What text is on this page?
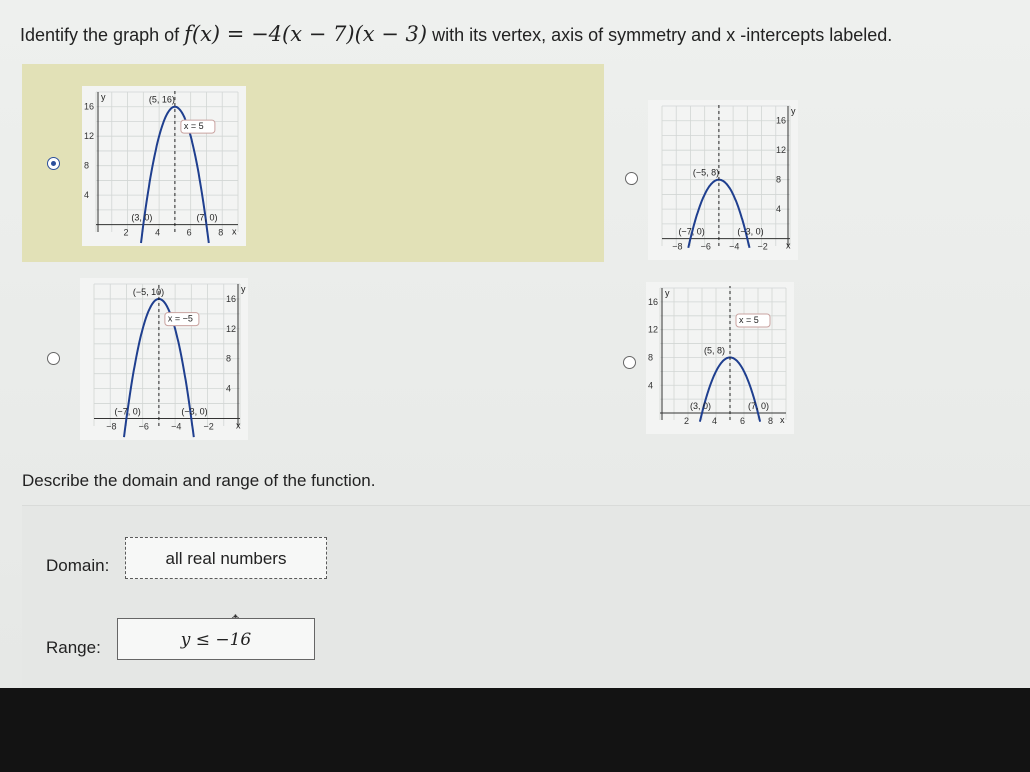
Identify the graph of f(x) = −4(x − 7)(x − 3) with its vertex, axis of symmetry and x -intercepts labeled.
x
y
2	4	6	8
4
8
12
16
(5, 16)
x = 5
(3, 0)	(7, 0)
x
y
−8 −6 −4 −2
4
8
12
16
(−5, 8)
(−7, 0)	(−3, 0)
x
y
−8 −6 −4 −2
4
8
12
16
(−5, 10)
x = −5
(−7, 0)	(−3, 0)
x
y
2	4	6	8
4
8
12
16
(5, 8)
x = 5
(3, 0)	(7, 0)
Describe the domain and range of the function.
Domain:	all real numbers
Range:	y ≤ −16
